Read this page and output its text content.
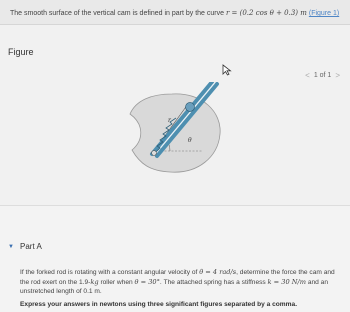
The smooth surface of the vertical cam is defined in part by the curve r = (0.2 cos θ + 0.3) m (Figure 1)
Figure
< 1 of 1 >
r
θ
▼ Part A
If the forked rod is rotating with a constant angular velocity of θ̇ = 4 rad/s, determine the force the cam and the rod exert on the 1.9-kg roller when θ = 30°. The attached spring has a stiffness k = 30 N/m and an unstretched length of 0.1 m.
Express your answers in newtons using three significant figures separated by a comma.
